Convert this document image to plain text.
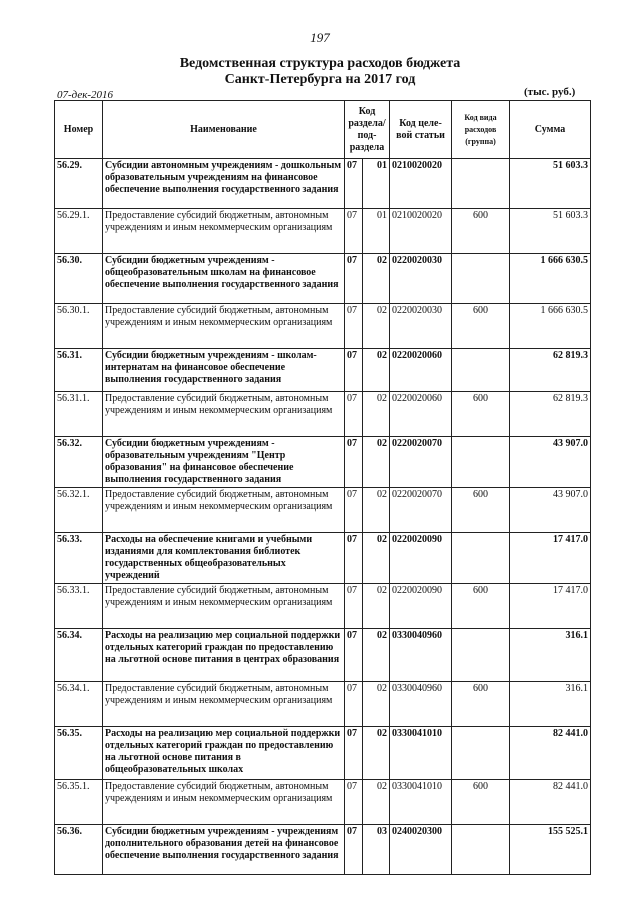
197
Ведомственная структура расходов бюджета
Санкт-Петербурга на 2017 год
07-дек-2016	(тыс. руб.)
Номер	Наименование	Код раздела/ под- раздела		Код целе- вой статьи	Код вида расходов (группа)	Сумма
56.29.	Субсидии автономным учреждениям - дошкольным образовательным учреждениям на финансовое обеспечение выполнения государственного задания	07	01	0210020020		51 603.3
56.29.1.	Предоставление субсидий бюджетным, автономным учреждениям и иным некоммерческим организациям	07	01	0210020020	600	51 603.3
56.30.	Субсидии бюджетным учреждениям - общеобразовательным школам на финансовое обеспечение выполнения государственного задания	07	02	0220020030		1 666 630.5
56.30.1.	Предоставление субсидий бюджетным, автономным учреждениям и иным некоммерческим организациям	07	02	0220020030	600	1 666 630.5
56.31.	Субсидии бюджетным учреждениям - школам-интернатам на финансовое обеспечение выполнения государственного задания	07	02	0220020060		62 819.3
56.31.1.	Предоставление субсидий бюджетным, автономным учреждениям и иным некоммерческим организациям	07	02	0220020060	600	62 819.3
56.32.	Субсидии бюджетным учреждениям - образовательным учреждениям "Центр образования" на финансовое обеспечение выполнения государственного задания	07	02	0220020070		43 907.0
56.32.1.	Предоставление субсидий бюджетным, автономным учреждениям и иным некоммерческим организациям	07	02	0220020070	600	43 907.0
56.33.	Расходы на обеспечение книгами и учебными изданиями для комплектования библиотек государственных общеобразовательных учреждений	07	02	0220020090		17 417.0
56.33.1.	Предоставление субсидий бюджетным, автономным учреждениям и иным некоммерческим организациям	07	02	0220020090	600	17 417.0
56.34.	Расходы на реализацию мер социальной поддержки отдельных категорий граждан по предоставлению на льготной основе питания в центрах образования	07	02	0330040960		316.1
56.34.1.	Предоставление субсидий бюджетным, автономным учреждениям и иным некоммерческим организациям	07	02	0330040960	600	316.1
56.35.	Расходы на реализацию мер социальной поддержки отдельных категорий граждан по предоставлению на льготной основе питания в общеобразовательных школах	07	02	0330041010		82 441.0
56.35.1.	Предоставление субсидий бюджетным, автономным учреждениям и иным некоммерческим организациям	07	02	0330041010	600	82 441.0
56.36.	Субсидии бюджетным учреждениям - учреждениям дополнительного образования детей на финансовое обеспечение выполнения государственного задания	07	03	0240020300		155 525.1
